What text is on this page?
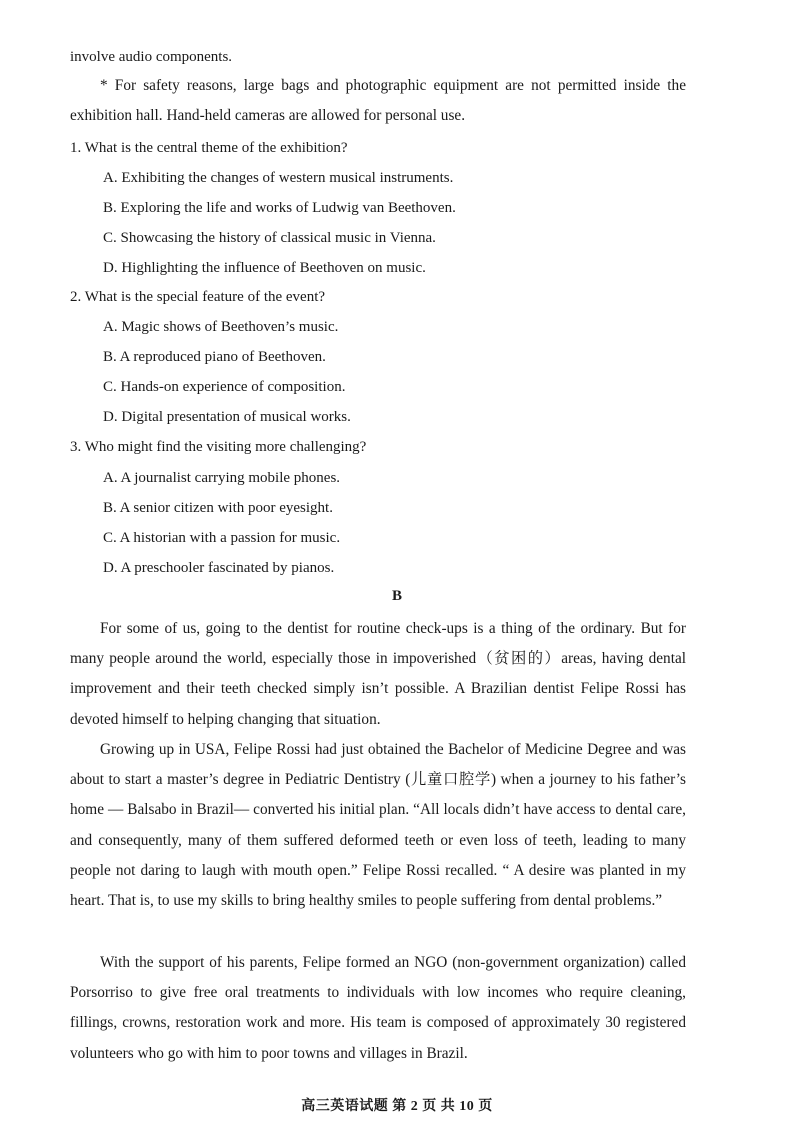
involve audio components.
* For safety reasons, large bags and photographic equipment are not permitted inside the exhibition hall. Hand-held cameras are allowed for personal use.
1. What is the central theme of the exhibition?
A. Exhibiting the changes of western musical instruments.
B. Exploring the life and works of Ludwig van Beethoven.
C. Showcasing the history of classical music in Vienna.
D. Highlighting the influence of Beethoven on music.
2. What is the special feature of the event?
A. Magic shows of Beethoven’s music.
B. A reproduced piano of Beethoven.
C. Hands-on experience of composition.
D. Digital presentation of musical works.
3. Who might find the visiting more challenging?
A. A journalist carrying mobile phones.
B. A senior citizen with poor eyesight.
C. A historian with a passion for music.
D. A preschooler fascinated by pianos.
B
For some of us, going to the dentist for routine check-ups is a thing of the ordinary. But for many people around the world, especially those in impoverished（贫困的）areas, having dental improvement and their teeth checked simply isn’t possible. A Brazilian dentist Felipe Rossi has devoted himself to helping changing that situation.
Growing up in USA, Felipe Rossi had just obtained the Bachelor of Medicine Degree and was about to start a master’s degree in Pediatric Dentistry (儿童口腔学) when a journey to his father’s home — Balsabo in Brazil— converted his initial plan. “All locals didn’t have access to dental care, and consequently, many of them suffered deformed teeth or even loss of teeth, leading to many people not daring to laugh with mouth open.” Felipe Rossi recalled. “ A desire was planted in my heart. That is, to use my skills to bring healthy smiles to people suffering from dental problems.”
With the support of his parents, Felipe formed an NGO (non-government organization) called Porsorriso to give free oral treatments to individuals with low incomes who require cleaning, fillings, crowns, restoration work and more. His team is composed of approximately 30 registered volunteers who go with him to poor towns and villages in Brazil.
高三英语试题 第 2 页 共 10 页
